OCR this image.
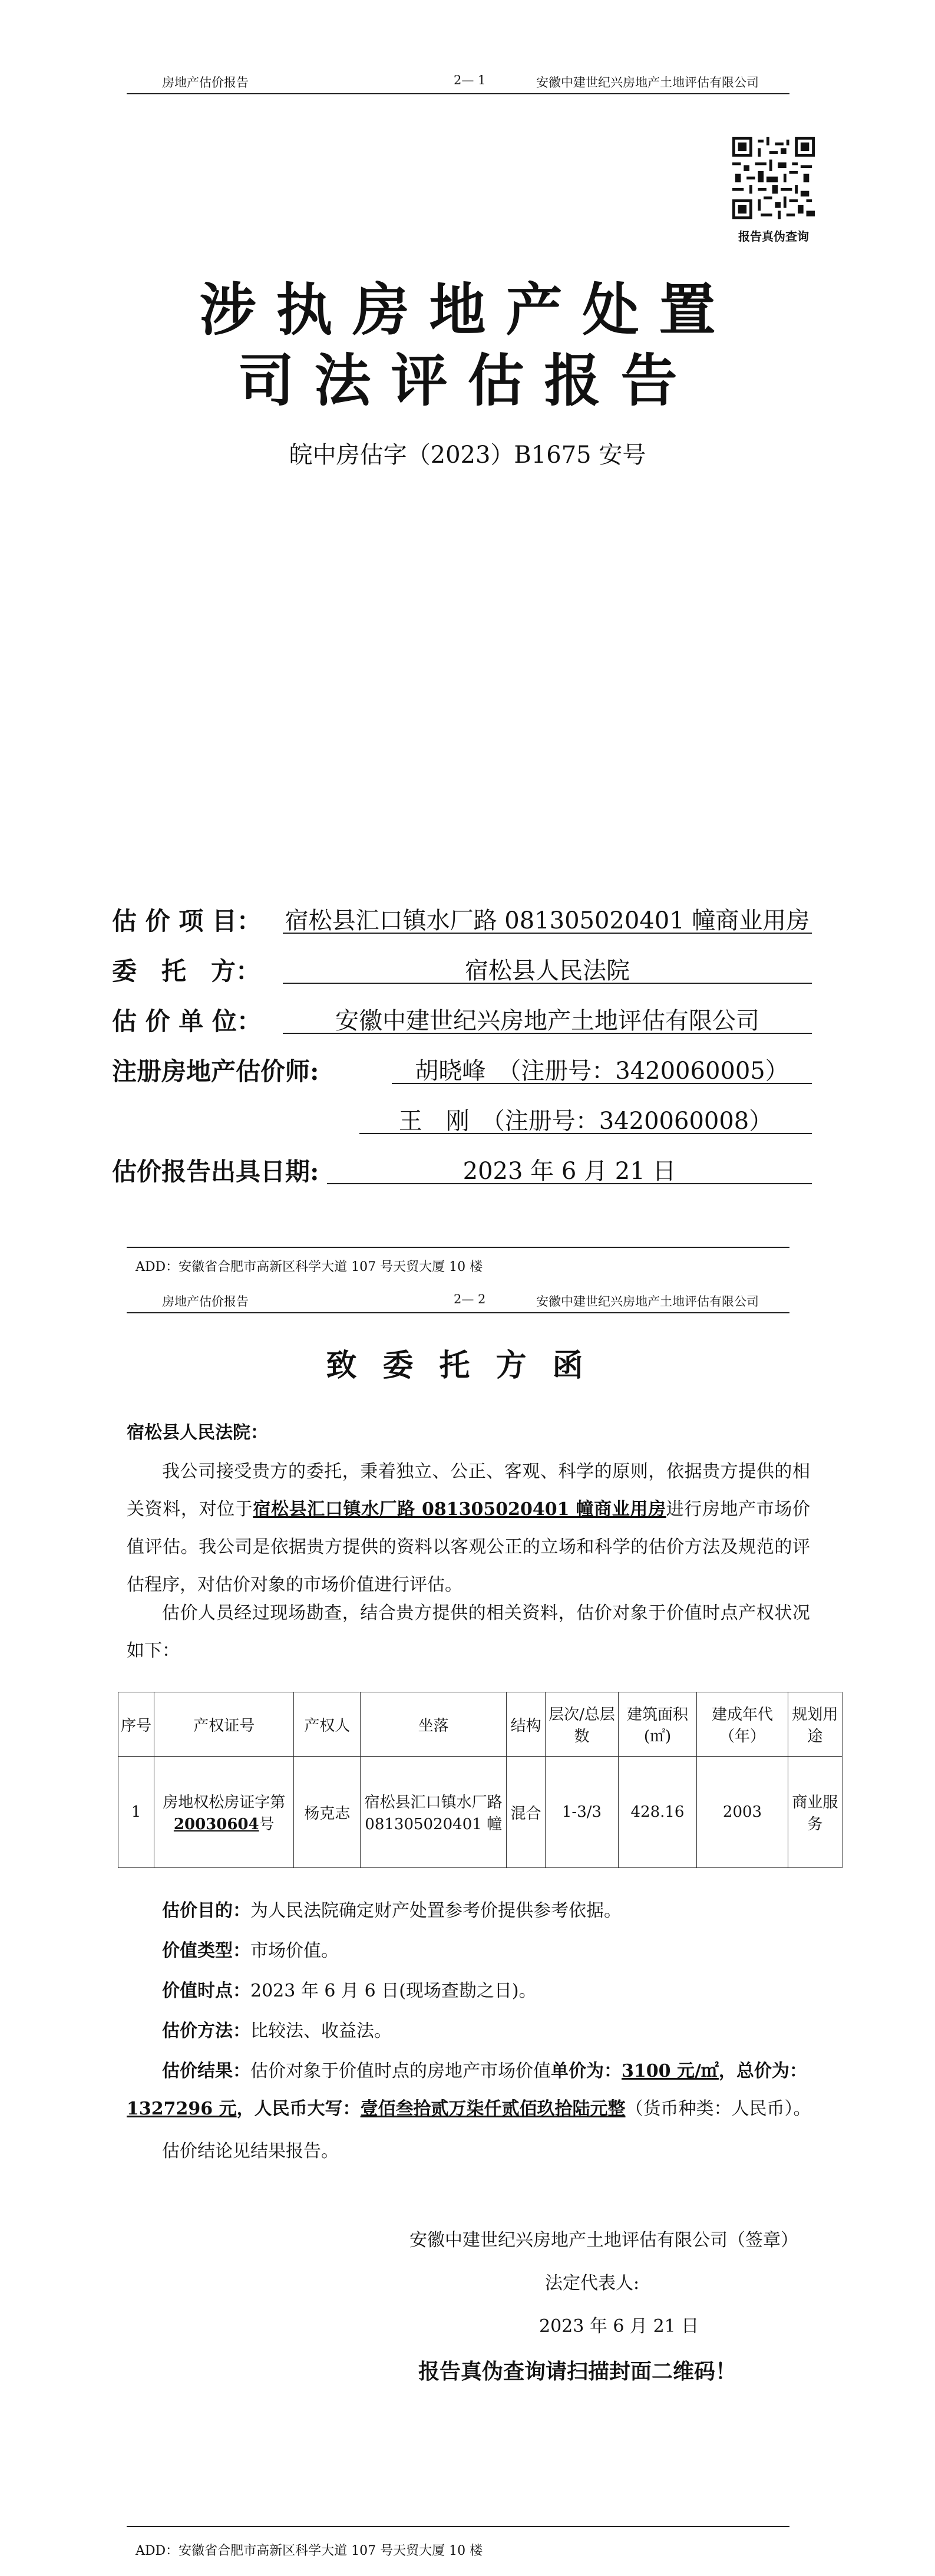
房地产估价报告	2— 1	安徽中建世纪兴房地产土地评估有限公司
报告真伪查询
涉执房地产处置
司法评估报告
皖中房估字（2023）B1675 安号
估 价 项 目： 宿松县汇口镇水厂路 081305020401 幢商业用房
委　托　方：	宿松县人民法院
估 价 单 位：	安徽中建世纪兴房地产土地评估有限公司
注册房地产估价师:	胡晓峰　（注册号：3420060005）
王　刚　（注册号：3420060008）
估价报告出具日期:	2023 年 6 月 21 日
ADD：安徽省合肥市高新区科学大道 107 号天贸大厦 10 楼
房地产估价报告	2— 2	安徽中建世纪兴房地产土地评估有限公司
致委托方函
宿松县人民法院：
我公司接受贵方的委托，秉着独立、公正、客观、科学的原则，依据贵方提供的相关资料，对位于宿松县汇口镇水厂路 081305020401 幢商业用房进行房地产市场价值评估。我公司是依据贵方提供的资料以客观公正的立场和科学的估价方法及规范的评估程序，对估价对象的市场价值进行评估。
估价人员经过现场勘查，结合贵方提供的相关资料，估价对象于价值时点产权状况如下：
序号	产权证号	产权人	坐落	结构	层次/总层数	建筑面积(㎡)	建成年代（年）	规划用途
1	房地权松房证字第20030604号	杨克志	宿松县汇口镇水厂路 081305020401 幢	混合	1-3/3	428.16	2003	商业服务
估价目的：为人民法院确定财产处置参考价提供参考依据。
价值类型：市场价值。
价值时点：2023 年 6 月 6 日(现场查勘之日)。
估价方法：比较法、收益法。
估价结果：估价对象于价值时点的房地产市场价值单价为：3100 元/㎡，总价为：1327296 元，人民币大写：壹佰叁拾贰万柒仟贰佰玖拾陆元整（货币种类：人民币）。
估价结论见结果报告。
安徽中建世纪兴房地产土地评估有限公司（签章）
法定代表人:
2023 年 6 月 21 日
报告真伪查询请扫描封面二维码！
ADD：安徽省合肥市高新区科学大道 107 号天贸大厦 10 楼
